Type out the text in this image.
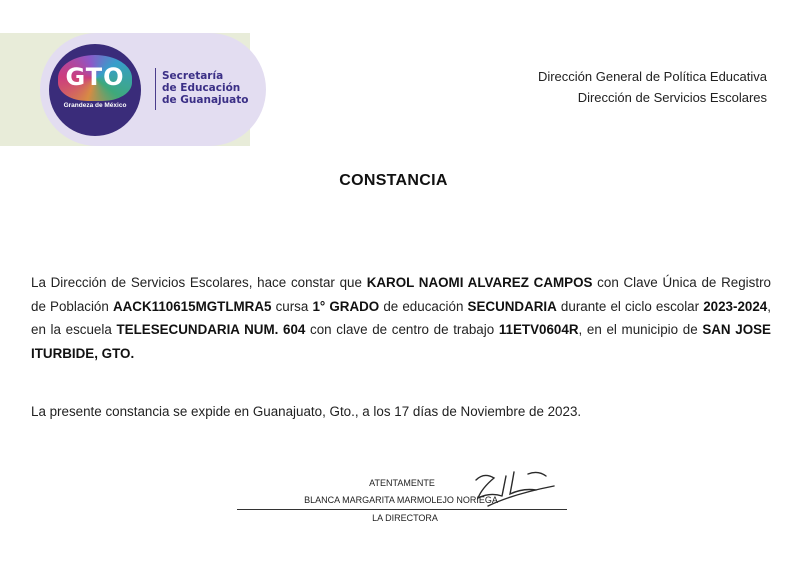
GTO
Grandeza de México
Secretaría
de Educación
de Guanajuato
Dirección General de Política Educativa
Dirección de Servicios Escolares
CONSTANCIA
La Dirección de Servicios Escolares, hace constar que KAROL NAOMI ALVAREZ CAMPOS con Clave Única de Registro de Población AACK110615MGTLMRA5 cursa 1° GRADO de educación SECUNDARIA durante el ciclo escolar 2023-2024, en la escuela TELESECUNDARIA NUM. 604 con clave de centro de trabajo 11ETV0604R, en el municipio de SAN JOSE ITURBIDE, GTO.
La presente constancia se expide en Guanajuato, Gto., a los 17 días de Noviembre de 2023.
ATENTAMENTE
BLANCA MARGARITA MARMOLEJO NORIEGA
LA DIRECTORA
